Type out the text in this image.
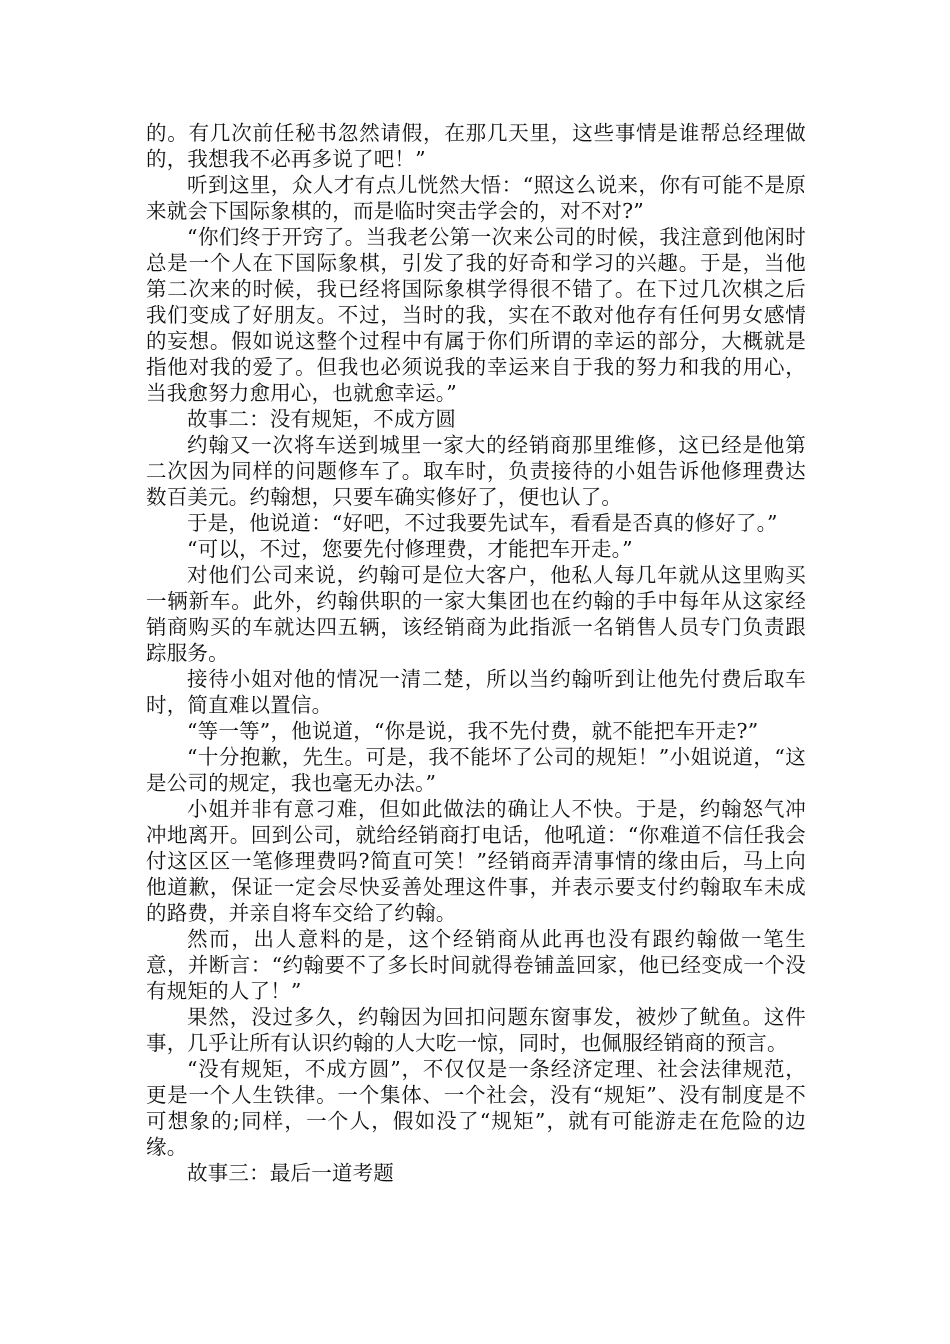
的。有几次前任秘书忽然请假，在那几天里，这些事情是谁帮总经理做的，我想我不必再多说了吧！”

听到这里，众人才有点儿恍然大悟：“照这么说来，你有可能不是原来就会下国际象棋的，而是临时突击学会的，对不对?”

“你们终于开窍了。当我老公第一次来公司的时候，我注意到他闲时总是一个人在下国际象棋，引发了我的好奇和学习的兴趣。于是，当他第二次来的时候，我已经将国际象棋学得很不错了。在下过几次棋之后我们变成了好朋友。不过，当时的我，实在不敢对他存有任何男女感情的妄想。假如说这整个过程中有属于你们所谓的幸运的部分，大概就是指他对我的爱了。但我也必须说我的幸运来自于我的努力和我的用心，当我愈努力愈用心，也就愈幸运。”

故事二：没有规矩，不成方圆

约翰又一次将车送到城里一家大的经销商那里维修，这已经是他第二次因为同样的问题修车了。取车时，负责接待的小姐告诉他修理费达数百美元。约翰想，只要车确实修好了，便也认了。

于是，他说道：“好吧，不过我要先试车，看看是否真的修好了。”

“可以，不过，您要先付修理费，才能把车开走。”

对他们公司来说，约翰可是位大客户，他私人每几年就从这里购买一辆新车。此外，约翰供职的一家大集团也在约翰的手中每年从这家经销商购买的车就达四五辆，该经销商为此指派一名销售人员专门负责跟踪服务。

接待小姐对他的情况一清二楚，所以当约翰听到让他先付费后取车时，简直难以置信。

“等一等”，他说道，“你是说，我不先付费，就不能把车开走?”

“十分抱歉，先生。可是，我不能坏了公司的规矩！”小姐说道，“这是公司的规定，我也毫无办法。”

小姐并非有意刁难，但如此做法的确让人不快。于是，约翰怒气冲冲地离开。回到公司，就给经销商打电话，他吼道：“你难道不信任我会付这区区一笔修理费吗?简直可笑！”经销商弄清事情的缘由后，马上向他道歉，保证一定会尽快妥善处理这件事，并表示要支付约翰取车未成的路费，并亲自将车交给了约翰。

然而，出人意料的是，这个经销商从此再也没有跟约翰做一笔生意，并断言：“约翰要不了多长时间就得卷铺盖回家，他已经变成一个没有规矩的人了！”

果然，没过多久，约翰因为回扣问题东窗事发，被炒了鱿鱼。这件事，几乎让所有认识约翰的人大吃一惊，同时，也佩服经销商的预言。

“没有规矩，不成方圆”，不仅仅是一条经济定理、社会法律规范，更是一个人生铁律。一个集体、一个社会，没有“规矩”、没有制度是不可想象的;同样，一个人，假如没了“规矩”，就有可能游走在危险的边缘。

故事三：最后一道考题
